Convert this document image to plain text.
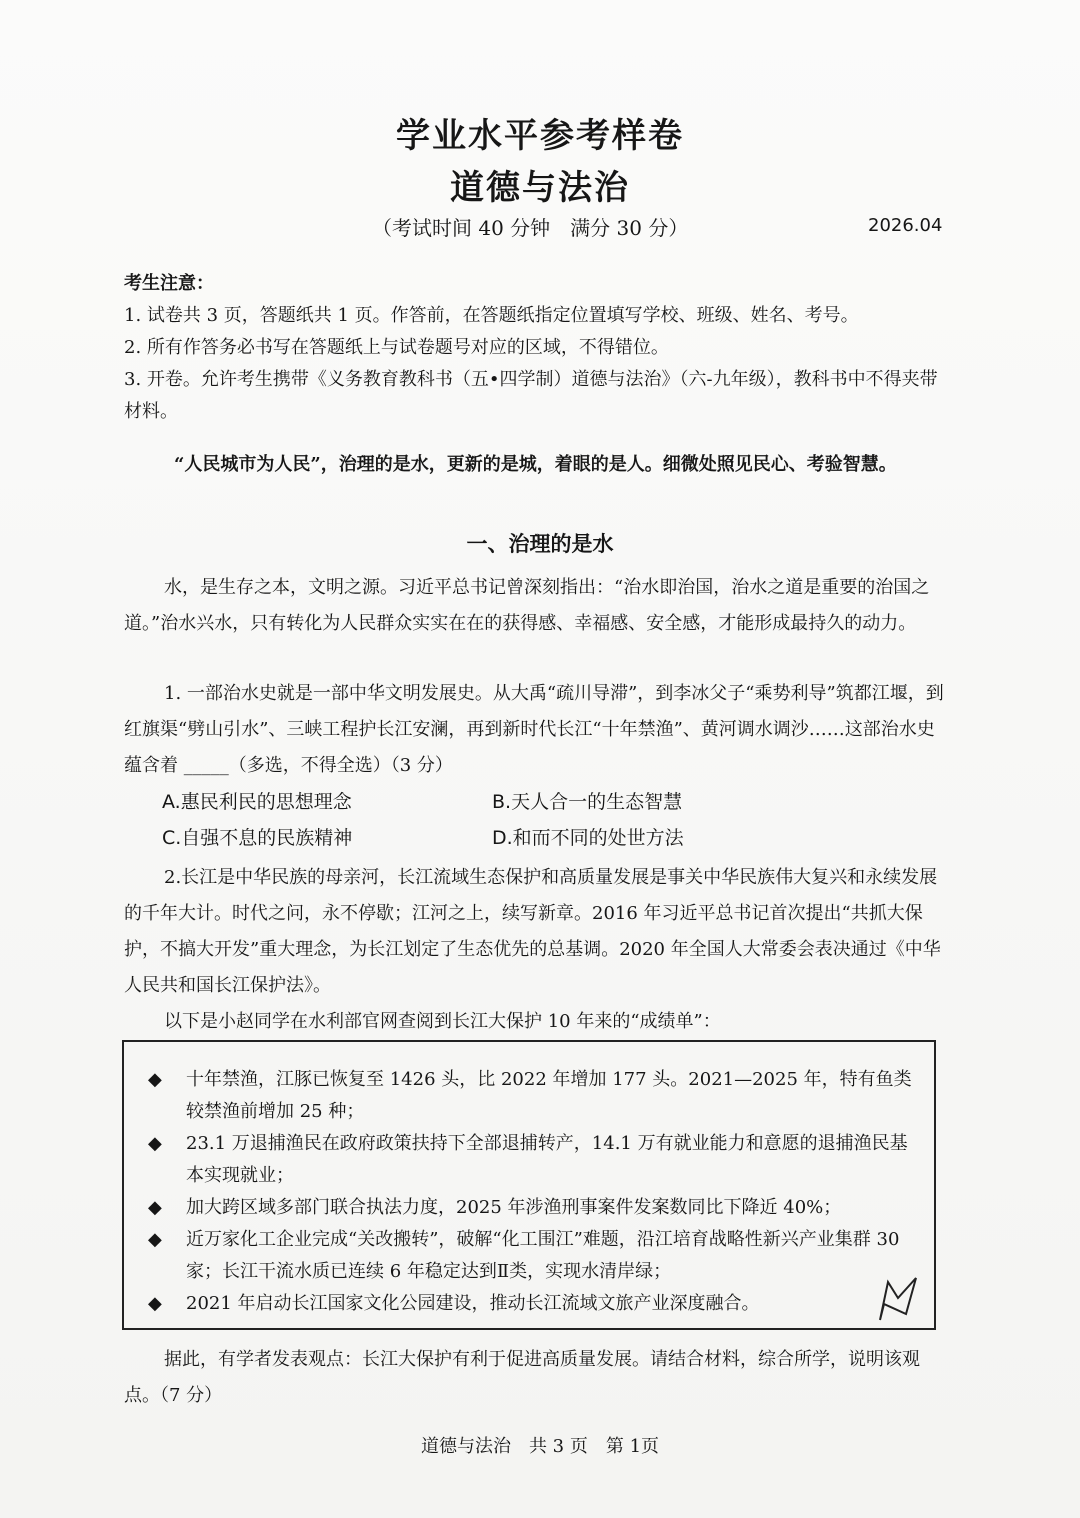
学业水平参考样卷
道德与法治
（考试时间 40 分钟　满分 30 分）	2026.04

考生注意：

1. 试卷共 3 页，答题纸共 1 页。作答前，在答题纸指定位置填写学校、班级、姓名、考号。

2. 所有作答务必书写在答题纸上与试卷题号对应的区域，不得错位。

3. 开卷。允许考生携带《义务教育教科书（五•四学制）道德与法治》（六-九年级），教科书中不得夹带材料。

“人民城市为人民”，治理的是水，更新的是城，着眼的是人。细微处照见民心、考验智慧。

一、治理的是水

水，是生存之本，文明之源。习近平总书记曾深刻指出：“治水即治国，治水之道是重要的治国之道。”治水兴水，只有转化为人民群众实实在在的获得感、幸福感、安全感，才能形成最持久的动力。

1. 一部治水史就是一部中华文明发展史。从大禹“疏川导滞”，到李冰父子“乘势利导”筑都江堰，到红旗渠“劈山引水”、三峡工程护长江安澜，再到新时代长江“十年禁渔”、黄河调水调沙……这部治水史蕴含着 _____（多选，不得全选）（3 分）

A.惠民利民的思想理念	B.天人合一的生态智慧
C.自强不息的民族精神	D.和而不同的处世方法

2.长江是中华民族的母亲河，长江流域生态保护和高质量发展是事关中华民族伟大复兴和永续发展的千年大计。时代之问，永不停歇；江河之上，续写新章。2016 年习近平总书记首次提出“共抓大保护，不搞大开发”重大理念，为长江划定了生态优先的总基调。2020 年全国人大常委会表决通过《中华人民共和国长江保护法》。

以下是小赵同学在水利部官网查阅到长江大保护 10 年来的“成绩单”：

◆ 十年禁渔，江豚已恢复至 1426 头，比 2022 年增加 177 头。2021—2025 年，特有鱼类较禁渔前增加 25 种；
◆ 23.1 万退捕渔民在政府政策扶持下全部退捕转产，14.1 万有就业能力和意愿的退捕渔民基本实现就业；
◆ 加大跨区域多部门联合执法力度，2025 年涉渔刑事案件发案数同比下降近 40%；
◆ 近万家化工企业完成“关改搬转”，破解“化工围江”难题，沿江培育战略性新兴产业集群 30 家；长江干流水质已连续 6 年稳定达到Ⅱ类，实现水清岸绿；
◆ 2021 年启动长江国家文化公园建设，推动长江流域文旅产业深度融合。

据此，有学者发表观点：长江大保护有利于促进高质量发展。请结合材料，综合所学，说明该观点。（7 分）

道德与法治　共 3 页　第 1页
